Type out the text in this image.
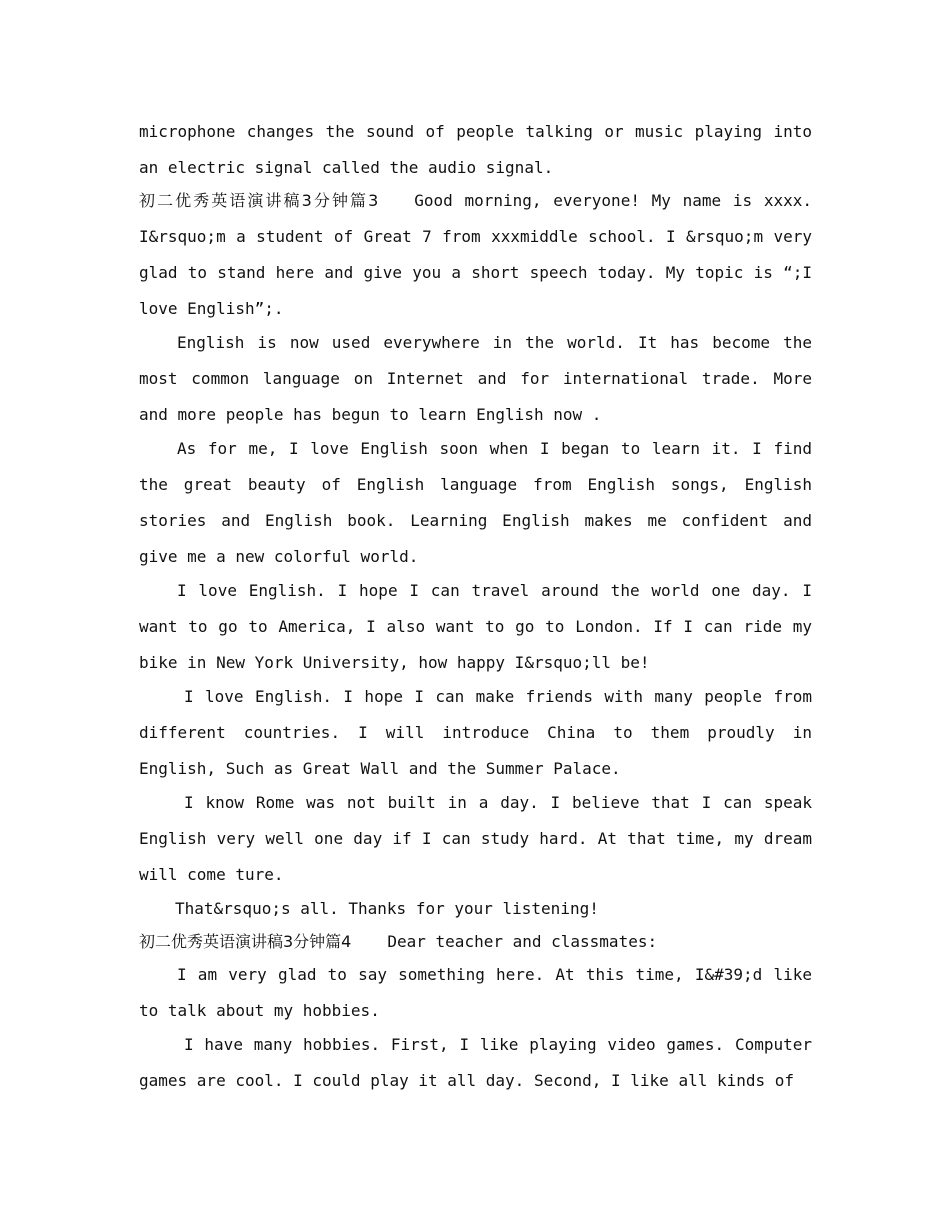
microphone changes the sound of people talking or music playing into an electric signal called the audio signal.

初二优秀英语演讲稿3分钟篇3 Good morning, everyone! My name is xxxx. I&rsquo;m a student of Great 7 from xxxmiddle school. I &rsquo;m very glad to stand here and give you a short speech today. My topic is “;I love English”;.

English is now used everywhere in the world. It has become the most common language on Internet and for international trade. More and more people has begun to learn English now .

As for me, I love English soon when I began to learn it. I find the great beauty of English language from English songs, English stories and English book. Learning English makes me confident and give me a new colorful world.

I love English. I hope I can travel around the world one day. I want to go to America, I also want to go to London. If I can ride my bike in New York University, how happy I&rsquo;ll be!

I love English. I hope I can make friends with many people from different countries. I will introduce China to them proudly in English, Such as Great Wall and the Summer Palace.

I know Rome was not built in a day. I believe that I can speak English very well one day if I can study hard. At that time, my dream will come ture.

That&rsquo;s all. Thanks for your listening!

初二优秀英语演讲稿3分钟篇4 Dear teacher and classmates:

I am very glad to say something here. At this time, I&#39;d like to talk about my hobbies.

I have many hobbies. First, I like playing video games. Computer games are cool. I could play it all day. Second, I like all kinds of
